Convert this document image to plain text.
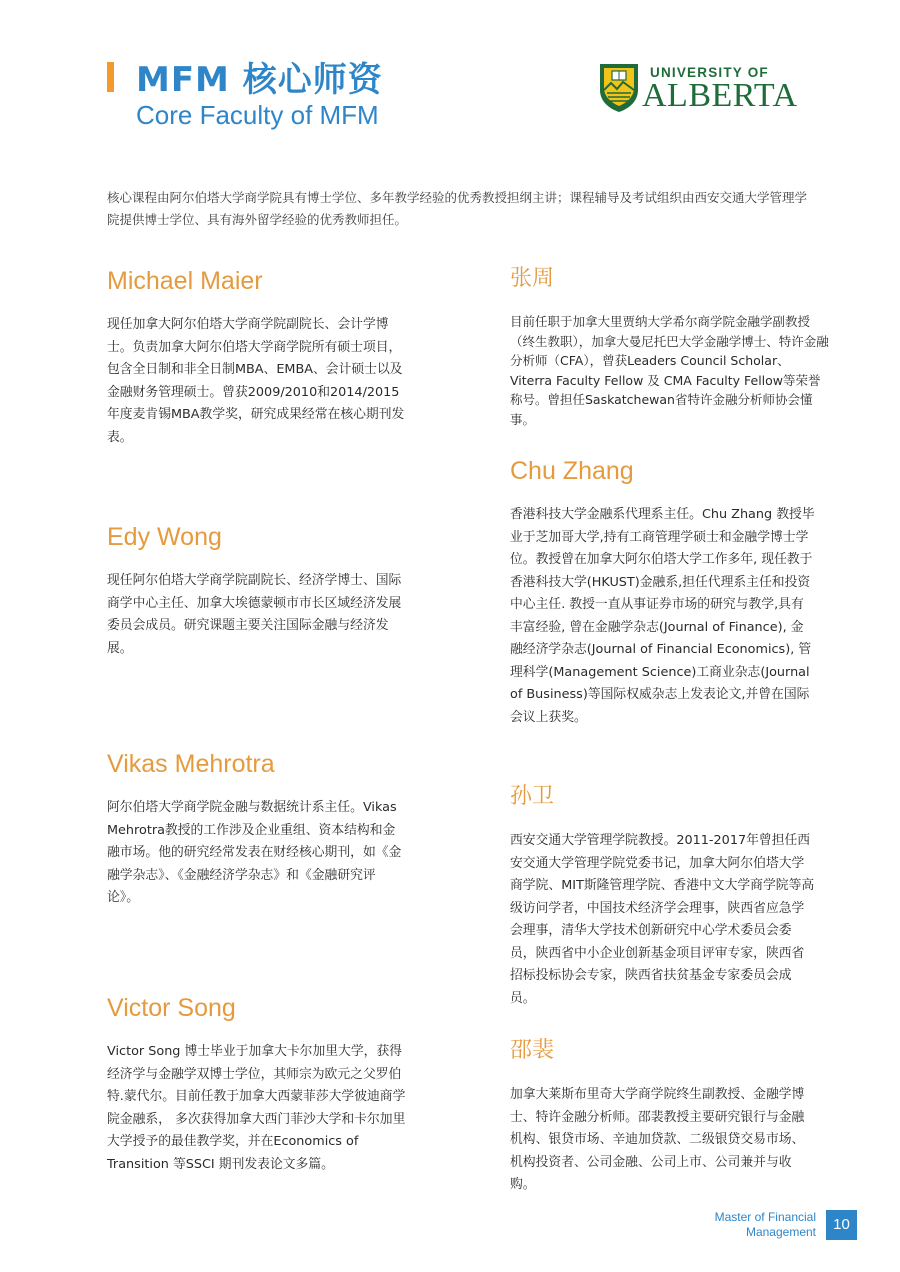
MFM 核心师资
Core Faculty of MFM
UNIVERSITY OF
ALBERTA
核心课程由阿尔伯塔大学商学院具有博士学位、多年教学经验的优秀教授担纲主讲；课程辅导及考试组织由西安交通大学管理学院提供博士学位、具有海外留学经验的优秀教师担任。
Michael Maier
现任加拿大阿尔伯塔大学商学院副院长、会计学博士。负责加拿大阿尔伯塔大学商学院所有硕士项目，包含全日制和非全日制MBA、EMBA、会计硕士以及金融财务管理硕士。曾获2009/2010和2014/2015年度麦肯锡MBA教学奖，研究成果经常在核心期刊发表。
Edy Wong
现任阿尔伯塔大学商学院副院长、经济学博士、国际商学中心主任、加拿大埃德蒙顿市市长区域经济发展委员会成员。研究课题主要关注国际金融与经济发展。
Vikas Mehrotra
阿尔伯塔大学商学院金融与数据统计系主任。Vikas Mehrotra教授的工作涉及企业重组、资本结构和金融市场。他的研究经常发表在财经核心期刊，如《金融学杂志》、《金融经济学杂志》和《金融研究评论》。
Victor Song
Victor Song 博士毕业于加拿大卡尔加里大学，获得经济学与金融学双博士学位，其师宗为欧元之父罗伯特.蒙代尔。目前任教于加拿大西蒙菲莎大学彼迪商学院金融系， 多次获得加拿大西门菲沙大学和卡尔加里大学授予的最佳教学奖，并在Economics of Transition 等SSCI 期刊发表论文多篇。
张周
目前任职于加拿大里贾纳大学希尔商学院金融学副教授（终生教职），加拿大曼尼托巴大学金融学博士、特许金融分析师（CFA），曾获Leaders Council Scholar、Viterra Faculty Fellow 及 CMA Faculty Fellow等荣誉称号。曾担任Saskatchewan省特许金融分析师协会懂事。
Chu Zhang
香港科技大学金融系代理系主任。Chu Zhang 教授毕业于芝加哥大学,持有工商管理学硕士和金融学博士学位。教授曾在加拿大阿尔伯塔大学工作多年, 现任教于香港科技大学(HKUST)金融系,担任代理系主任和投资中心主任. 教授一直从事证券市场的研究与教学,具有丰富经验, 曾在金融学杂志(Journal of Finance), 金融经济学杂志(Journal of Financial Economics), 管理科学(Management Science)工商业杂志(Journal of Business)等国际权威杂志上发表论文,并曾在国际会议上获奖。
孙卫
西安交通大学管理学院教授。2011-2017年曾担任西安交通大学管理学院党委书记，加拿大阿尔伯塔大学商学院、MIT斯隆管理学院、香港中文大学商学院等高级访问学者，中国技术经济学会理事，陕西省应急学会理事，清华大学技术创新研究中心学术委员会委员，陕西省中小企业创新基金项目评审专家，陕西省招标投标协会专家，陕西省扶贫基金专家委员会成员。
邵裴
加拿大莱斯布里奇大学商学院终生副教授、金融学博士、特许金融分析师。邵裴教授主要研究银行与金融机构、银贷市场、辛迪加贷款、二级银贷交易市场、机构投资者、公司金融、公司上市、公司兼并与收购。
Master of Financial
Management	10
